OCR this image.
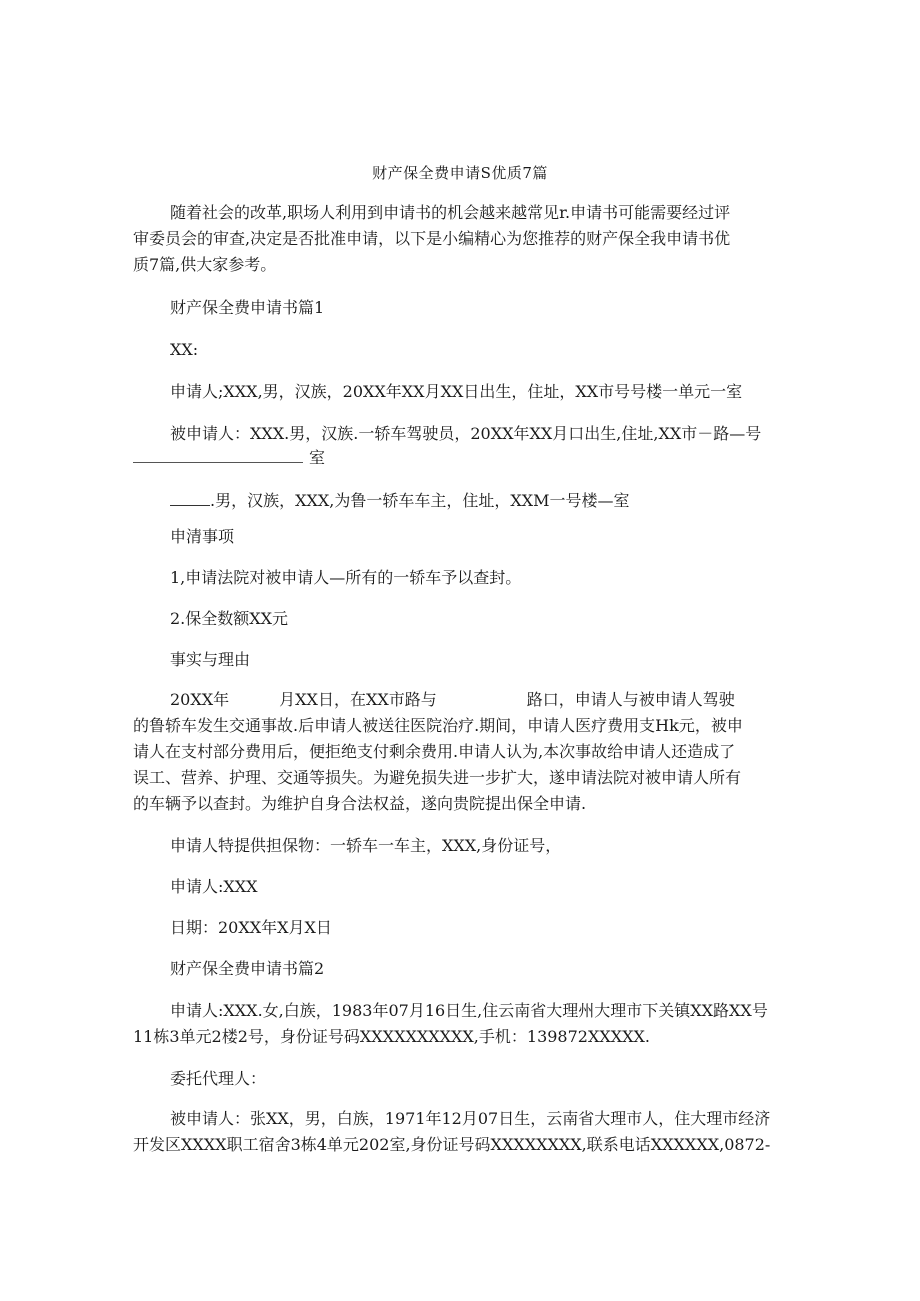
财产保全费申请S优质7篇
随着社会的改革,职场人利用到申请书的机会越来越常见r.申请书可能需要经过评
审委员会的审查,决定是否批准申请，以下是小编精心为您推荐的财产保全我申请书优
质7篇,供大家参考。
财产保全费申请书篇1
XX:
申请人;XXX,男，汉族，20XX年XX月XX日出生，住址，XX市号号楼一单元一室
被申请人：XXX.男，汉族.一轿车驾驶员，20XX年XX月口出生,住址,XX市－路—号
室
.男，汉族，XXX,为鲁一轿车车主，住址，XXM一号楼—室
申清事项
1,申请法院对被申请人—所有的一轿车予以查封。
2.保全数额XX元
事实与理由
20XX年	月XX日，在XX市路与	路口，申请人与被申请人驾驶
的鲁轿车发生交通事故.后申请人被送往医院治疗.期间，申请人医疗费用支Hk元，被申
请人在支村部分费用后，便拒绝支付剩余费用.申请人认为,本次事故给申请人还造成了
误工、营养、护理、交通等损失。为避免损失进一步扩大，遂申请法院对被申请人所有
的车辆予以查封。为维护自身合法权益，遂向贵院提出保全申请.
申请人特提供担保物：一轿车一车主，XXX,身份证号，
申请人:XXX
日期：20XX年X月X日
财产保全费申请书篇2
申请人:XXX.女,白族，1983年07月16日生,住云南省大理州大理市下关镇XX路XX号
11栋3单元2楼2号，身份证号码XXXXXXXXXX,手机：139872XXXXX.
委托代理人：
被申请人：张XX，男，白族，1971年12月07日生，云南省大理市人，住大理市经济
开发区XXXX职工宿舍3栋4单元202室,身份证号码XXXXXXXX,联系电话XXXXXX,0872-
